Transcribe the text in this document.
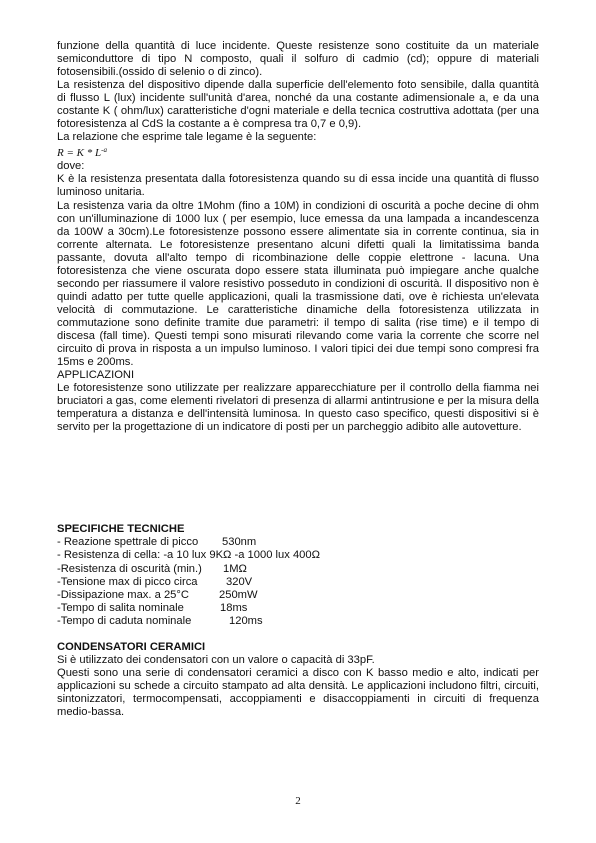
funzione della quantità di luce incidente. Queste resistenze sono costituite da un materiale semiconduttore di tipo N composto, quali il solfuro di cadmio (cd); oppure di materiali fotosensibili.(ossido di selenio o di zinco).

La resistenza del dispositivo dipende dalla superficie dell'elemento foto sensibile, dalla quantità di flusso L (lux) incidente sull'unità d'area, nonché da una costante adimensionale a, e da una costante K ( ohm/lux) caratteristiche d'ogni materiale e della tecnica costruttiva adottata (per una fotoresistenza al CdS la costante a è compresa tra 0,7 e 0,9).

La relazione che esprime tale legame è la seguente:

$R = K * L^{-a}$

dove:

K è la resistenza presentata dalla fotoresistenza quando su di essa incide una quantità di flusso luminoso unitaria.

La resistenza varia da oltre 1Mohm (fino a 10M) in condizioni di oscurità a poche decine di ohm con un'illuminazione di 1000 lux ( per esempio, luce emessa da una lampada a incandescenza da 100W a 30cm).Le fotoresistenze possono essere alimentate sia in corrente continua, sia in corrente alternata. Le fotoresistenze presentano alcuni difetti quali la limitatissima banda passante, dovuta all'alto tempo di ricombinazione delle coppie elettrone - lacuna. Una fotoresistenza che viene oscurata dopo essere stata illuminata può impiegare anche qualche secondo per riassumere il valore resistivo posseduto in condizioni di oscurità. Il dispositivo non è quindi adatto per tutte quelle applicazioni, quali la trasmissione dati, ove è richiesta un'elevata velocità di commutazione. Le caratteristiche dinamiche della fotoresistenza utilizzata in commutazione sono definite tramite due parametri: il tempo di salita (rise time) e il tempo di discesa (fall time). Questi tempi sono misurati rilevando come varia la corrente che scorre nel circuito di prova in risposta a un impulso luminoso. I valori tipici dei due tempi sono compresi fra 15ms e 200ms.

APPLICAZIONI

Le fotoresistenze sono utilizzate per realizzare apparecchiature per il controllo della fiamma nei bruciatori a gas, come elementi rivelatori di presenza di allarmi antintrusione e per la misura della temperatura a distanza e dell'intensità luminosa. In questo caso specifico, questi dispositivi si è servito per la progettazione di un indicatore di posti per un parcheggio adibito alle autovetture.

SPECIFICHE TECNICHE

- Reazione spettrale di picco	530nm
- Resistenza di cella: -a 10 lux 9KΩ -a 1000 lux 400Ω
-Resistenza di oscurità (min.)	1MΩ
-Tensione max di picco circa	320V
-Dissipazione max. a 25°C	250mW
-Tempo di salita nominale	18ms
-Tempo di caduta nominale	120ms

CONDENSATORI CERAMICI

Si è utilizzato dei condensatori con un valore o capacità di 33pF.

Questi sono una serie di condensatori ceramici a disco con K basso medio e alto, indicati per applicazioni su schede a circuito stampato ad alta densità. Le applicazioni includono filtri, circuiti, sintonizzatori, termocompensati, accoppiamenti e disaccoppiamenti in circuiti di frequenza medio-bassa.

2
